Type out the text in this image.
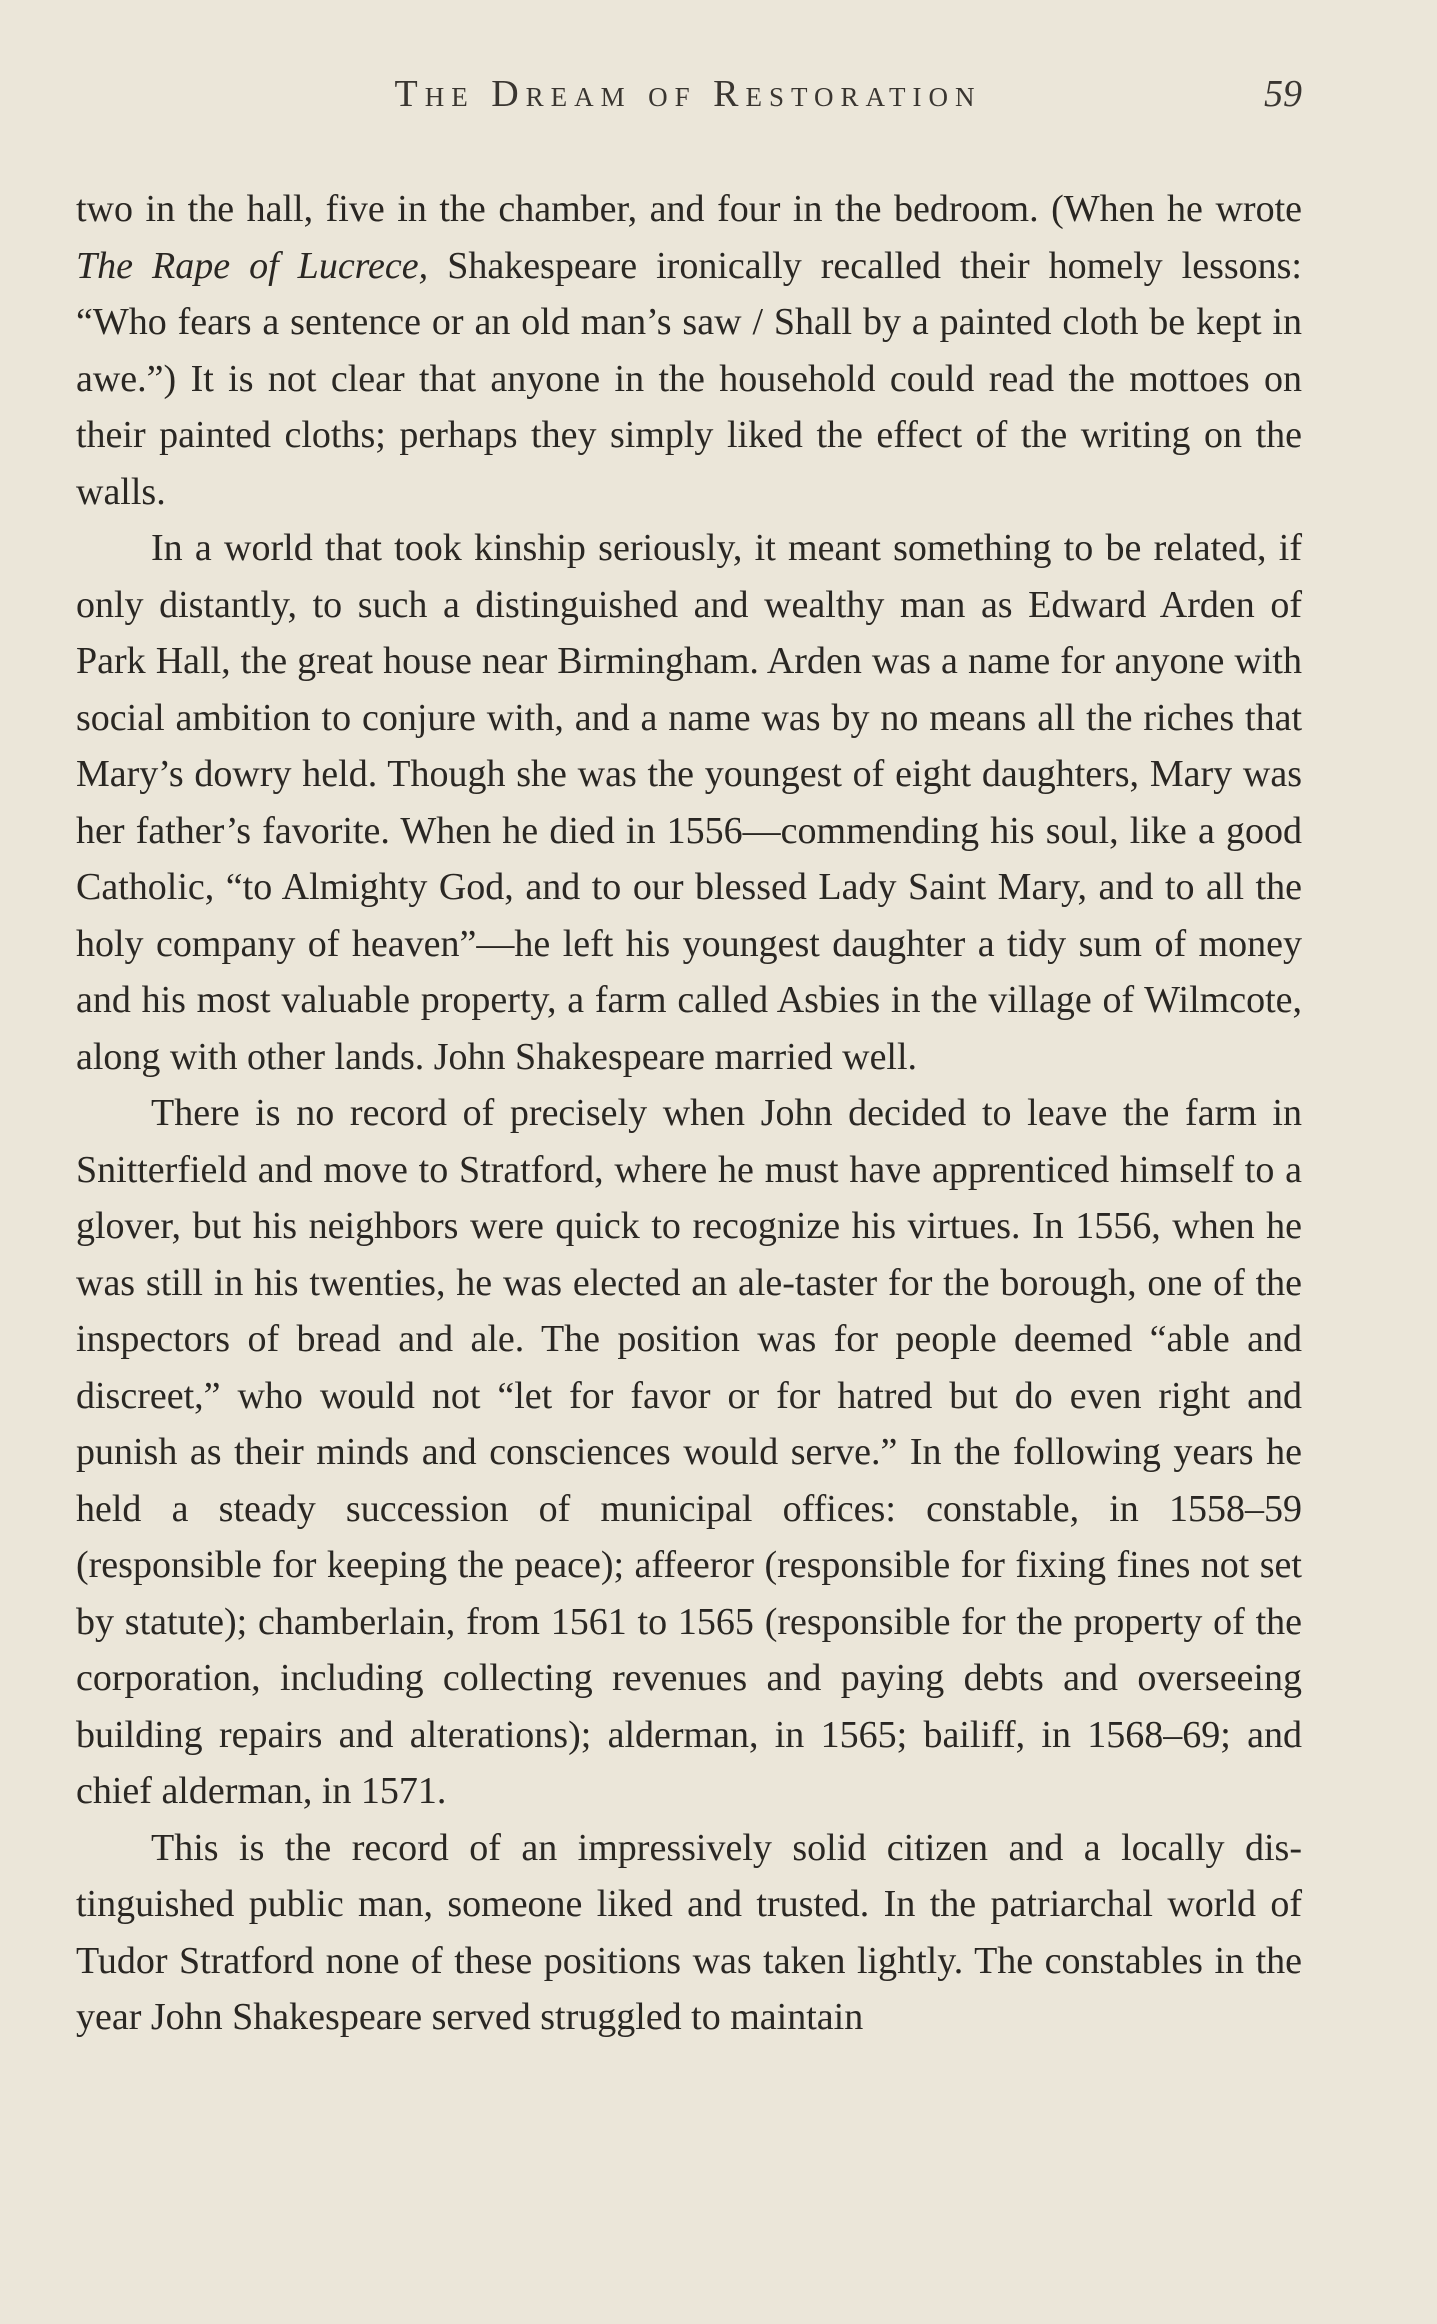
The Dream of Restoration	59

two in the hall, five in the chamber, and four in the bedroom. (When he wrote The Rape of Lucrece, Shakespeare ironically recalled their homely lessons: “Who fears a sentence or an old man’s saw / Shall by a painted cloth be kept in awe.”) It is not clear that anyone in the household could read the mottoes on their painted cloths; perhaps they simply liked the effect of the writing on the walls.

In a world that took kinship seriously, it meant something to be related, if only distantly, to such a distinguished and wealthy man as Edward Arden of Park Hall, the great house near Birmingham. Arden was a name for anyone with social ambition to conjure with, and a name was by no means all the riches that Mary’s dowry held. Though she was the youngest of eight daughters, Mary was her father’s favorite. When he died in 1556—commending his soul, like a good Catholic, “to Almighty God, and to our blessed Lady Saint Mary, and to all the holy company of heaven”—he left his youngest daughter a tidy sum of money and his most valuable property, a farm called Asbies in the village of Wilmcote, along with other lands. John Shakespeare married well.

There is no record of precisely when John decided to leave the farm in Snitterfield and move to Stratford, where he must have apprenticed himself to a glover, but his neighbors were quick to recognize his virtues. In 1556, when he was still in his twenties, he was elected an ale-taster for the borough, one of the inspectors of bread and ale. The position was for people deemed “able and discreet,” who would not “let for favor or for hatred but do even right and punish as their minds and consciences would serve.” In the following years he held a steady succession of municipal offices: constable, in 1558–59 (responsible for keeping the peace); affeeror (responsible for fixing fines not set by statute); chamberlain, from 1561 to 1565 (responsible for the property of the corporation, including collecting revenues and paying debts and overseeing building repairs and alterations); alderman, in 1565; bailiff, in 1568–69; and chief alderman, in 1571.

This is the record of an impressively solid citizen and a locally distinguished public man, someone liked and trusted. In the patriarchal world of Tudor Stratford none of these positions was taken lightly. The constables in the year John Shakespeare served struggled to maintain
